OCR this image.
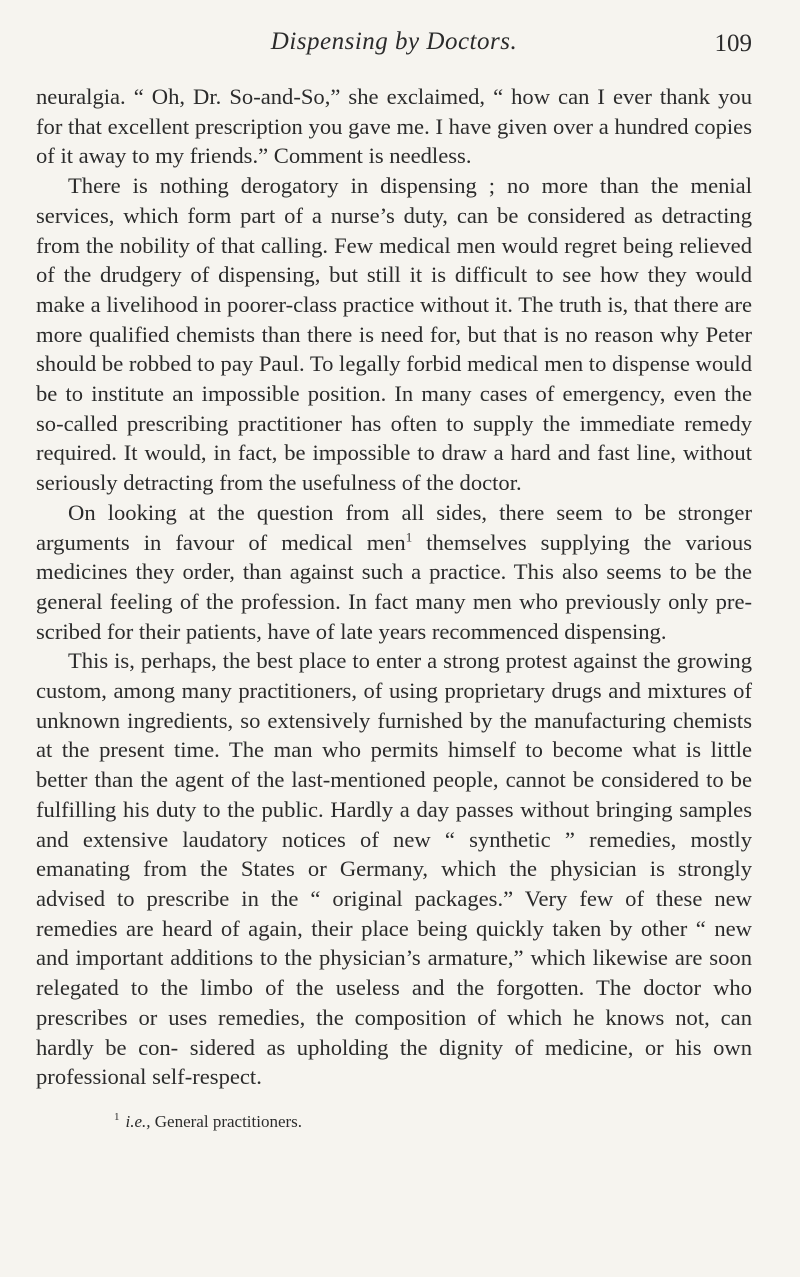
Dispensing by Doctors.	109

neuralgia. “ Oh, Dr. So-and-So,” she exclaimed, “ how can I ever thank you for that excellent prescription you gave me. I have given over a hundred copies of it away to my friends.” Comment is needless.

There is nothing derogatory in dispensing ; no more than the menial services, which form part of a nurse’s duty, can be considered as detracting from the nobility of that calling. Few medical men would regret being relieved of the drudgery of dispensing, but still it is difficult to see how they would make a livelihood in poorer-class practice without it. The truth is, that there are more qualified chemists than there is need for, but that is no reason why Peter should be robbed to pay Paul. To legally forbid medical men to dispense would be to institute an impossible position. In many cases of emergency, even the so-called prescribing practitioner has often to supply the immediate remedy required. It would, in fact, be impossible to draw a hard and fast line, without seriously detracting from the usefulness of the doctor.

On looking at the question from all sides, there seem to be stronger arguments in favour of medical men$^1$ themselves supplying the various medicines they order, than against such a practice. This also seems to be the general feeling of the profession. In fact many men who previously only pre- scribed for their patients, have of late years recommenced dispensing.

This is, perhaps, the best place to enter a strong protest against the growing custom, among many practitioners, of using proprietary drugs and mixtures of unknown ingredients, so extensively furnished by the manufacturing chemists at the present time. The man who permits himself to become what is little better than the agent of the last-mentioned people, cannot be considered to be fulfilling his duty to the public. Hardly a day passes without bringing samples and extensive laudatory notices of new “ synthetic ” remedies, mostly emanating from the States or Germany, which the physician is strongly advised to prescribe in the “ original packages.” Very few of these new remedies are heard of again, their place being quickly taken by other “ new and important additions to the physician’s armature,” which likewise are soon relegated to the limbo of the useless and the forgotten. The doctor who prescribes or uses remedies, the composition of which he knows not, can hardly be con- sidered as upholding the dignity of medicine, or his own professional self-respect.

$^1$ i.e., General practitioners.
